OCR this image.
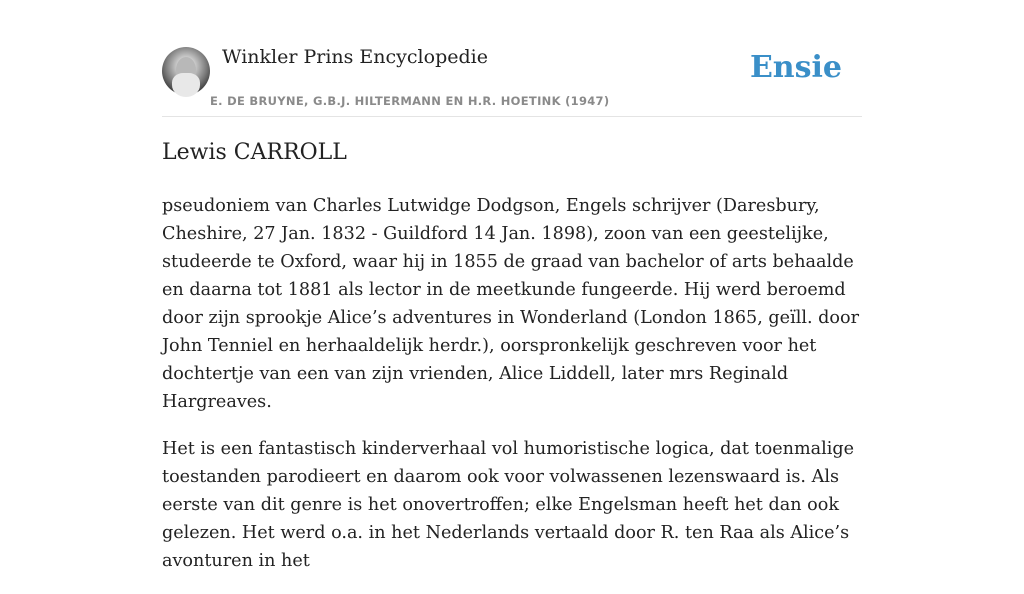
Winkler Prins Encyclopedie
E. DE BRUYNE, G.B.J. HILTERMANN EN H.R. HOETINK (1947)
Ensie
Lewis CARROLL

pseudoniem van Charles Lutwidge Dodgson, Engels schrijver (Daresbury, Cheshire, 27 Jan. 1832 - Guildford 14 Jan. 1898), zoon van een geestelijke, studeerde te Oxford, waar hij in 1855 de graad van bachelor of arts behaalde en daarna tot 1881 als lector in de meetkunde fungeerde. Hij werd beroemd door zijn sprookje Alice’s adventures in Wonderland (London 1865, geïll. door John Tenniel en herhaaldelijk herdr.), oorspronkelijk geschreven voor het dochtertje van een van zijn vrienden, Alice Liddell, later mrs Reginald Hargreaves.

Het is een fantastisch kinderverhaal vol humoristische logica, dat toenmalige toestanden parodieert en daarom ook voor volwassenen lezenswaard is. Als eerste van dit genre is het onovertroffen; elke Engelsman heeft het dan ook gelezen. Het werd o.a. in het Nederlands vertaald door R. ten Raa als Alice’s avonturen in het
